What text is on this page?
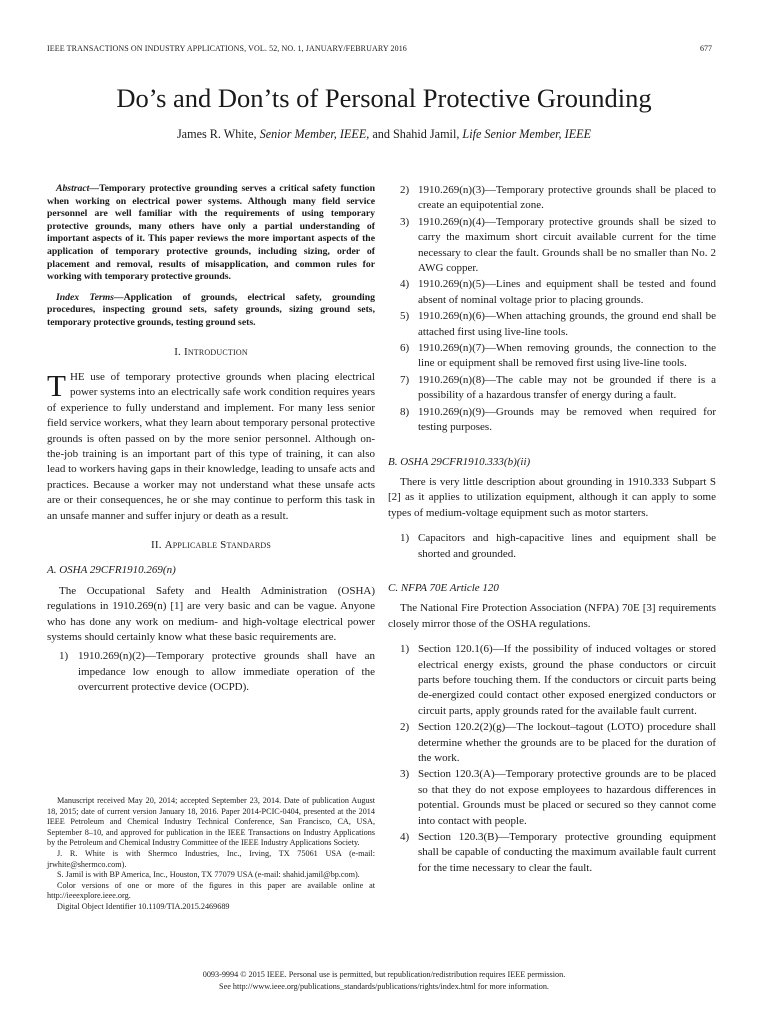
IEEE TRANSACTIONS ON INDUSTRY APPLICATIONS, VOL. 52, NO. 1, JANUARY/FEBRUARY 2016	677
Do’s and Don’ts of Personal Protective Grounding
James R. White, Senior Member, IEEE, and Shahid Jamil, Life Senior Member, IEEE

Abstract—Temporary protective grounding serves a critical safety function when working on electrical power systems. Although many field service personnel are well familiar with the requirements of using temporary protective grounds, many others have only a partial understanding of important aspects of it. This paper reviews the more important aspects of the application of temporary protective grounds, including sizing, order of placement and removal, results of misapplication, and common rules for working with temporary protective grounds.

Index Terms—Application of grounds, electrical safety, grounding procedures, inspecting ground sets, safety grounds, sizing ground sets, temporary protective grounds, testing ground sets.

I. Introduction

THE use of temporary protective grounds when placing electrical power systems into an electrically safe work condition requires years of experience to fully understand and implement. For many less senior field service workers, what they learn about temporary personal protective grounds is often passed on by the more senior personnel. Although on-the-job training is an important part of this type of training, it can also lead to workers having gaps in their knowledge, leading to unsafe acts and practices. Because a worker may not understand what these unsafe acts are or their consequences, he or she may continue to perform this task in an unsafe manner and suffer injury or death as a result.

II. Applicable Standards
A. OSHA 29CFR1910.269(n)

The Occupational Safety and Health Administration (OSHA) regulations in 1910.269(n) [1] are very basic and can be vague. Anyone who has done any work on medium- and high-voltage electrical power systems should certainly know what these basic requirements are.

1) 1910.269(n)(2)—Temporary protective grounds shall have an impedance low enough to allow immediate operation of the overcurrent protective device (OCPD).

Manuscript received May 20, 2014; accepted September 23, 2014. Date of publication August 18, 2015; date of current version January 18, 2016. Paper 2014-PCIC-0404, presented at the 2014 IEEE Petroleum and Chemical Industry Technical Conference, San Francisco, CA, USA, September 8–10, and approved for publication in the IEEE Transactions on Industry Applications by the Petroleum and Chemical Industry Committee of the IEEE Industry Applications Society.

J. R. White is with Shermco Industries, Inc., Irving, TX 75061 USA (e-mail: jrwhite@shermco.com).

S. Jamil is with BP America, Inc., Houston, TX 77079 USA (e-mail: shahid.jamil@bp.com).

Color versions of one or more of the figures in this paper are available online at http://ieeexplore.ieee.org.

Digital Object Identifier 10.1109/TIA.2015.2469689

2) 1910.269(n)(3)—Temporary protective grounds shall be placed to create an equipotential zone.
3) 1910.269(n)(4)—Temporary protective grounds shall be sized to carry the maximum short circuit available current for the time necessary to clear the fault. Grounds shall be no smaller than No. 2 AWG copper.
4) 1910.269(n)(5)—Lines and equipment shall be tested and found absent of nominal voltage prior to placing grounds.
5) 1910.269(n)(6)—When attaching grounds, the ground end shall be attached first using live-line tools.
6) 1910.269(n)(7)—When removing grounds, the connection to the line or equipment shall be removed first using live-line tools.
7) 1910.269(n)(8)—The cable may not be grounded if there is a possibility of a hazardous transfer of energy during a fault.
8) 1910.269(n)(9)—Grounds may be removed when required for testing purposes.
B. OSHA 29CFR1910.333(b)(ii)

There is very little description about grounding in 1910.333 Subpart S [2] as it applies to utilization equipment, although it can apply to some types of medium-voltage equipment such as motor starters.

1) Capacitors and high-capacitive lines and equipment shall be shorted and grounded.
C. NFPA 70E Article 120

The National Fire Protection Association (NFPA) 70E [3] requirements closely mirror those of the OSHA regulations.

1) Section 120.1(6)—If the possibility of induced voltages or stored electrical energy exists, ground the phase conductors or circuit parts before touching them. If the conductors or circuit parts being de-energized could contact other exposed energized conductors or circuit parts, apply grounds rated for the available fault current.
2) Section 120.2(2)(g)—The lockout–tagout (LOTO) procedure shall determine whether the grounds are to be placed for the duration of the work.
3) Section 120.3(A)—Temporary protective grounds are to be placed so that they do not expose employees to hazardous differences in potential. Grounds must be placed or secured so they cannot come into contact with people.
4) Section 120.3(B)—Temporary protective grounding equipment shall be capable of conducting the maximum available fault current for the time necessary to clear the fault.
0093-9994 © 2015 IEEE. Personal use is permitted, but republication/redistribution requires IEEE permission.
See http://www.ieee.org/publications_standards/publications/rights/index.html for more information.
